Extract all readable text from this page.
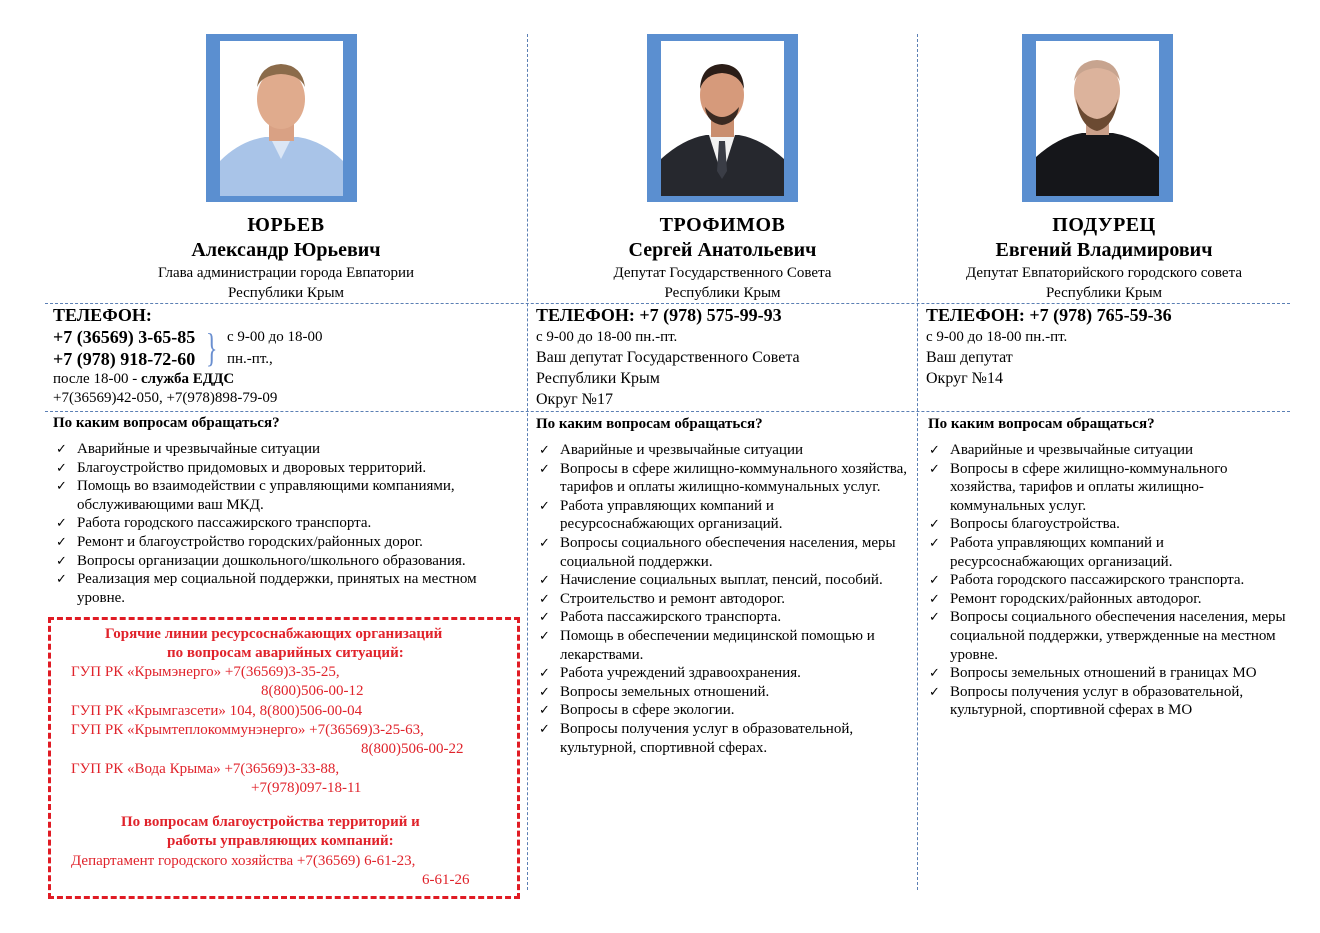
ЮРЬЕВ
Александр Юрьевич
Глава администрации города Евпатории
Республики Крым
ТЕЛЕФОН:
+7 (36569) 3-65-85
+7 (978) 918-72-60 } с 9-00 до 18-00
пн.-пт.,
после 18-00 - служба ЕДДС
+7(36569)42-050, +7(978)898-79-09
По каким вопросам обращаться?
✓ Аварийные и чрезвычайные ситуации
✓ Благоустройство придомовых и дворовых территорий.
✓ Помощь во взаимодействии с управляющими компаниями, обслуживающими ваш МКД.
✓ Работа городского пассажирского транспорта.
✓ Ремонт и благоустройство городских/районных дорог.
✓ Вопросы организации дошкольного/школьного образования.
✓ Реализация мер социальной поддержки, принятых на местном уровне.
Горячие линии ресурсоснабжающих организаций
по вопросам аварийных ситуаций:
ГУП РК «Крымэнерго» +7(36569)3-35-25,
8(800)506-00-12
ГУП РК «Крымгазсети» 104, 8(800)506-00-04
ГУП РК «Крымтеплокоммунэнерго» +7(36569)3-25-63,
8(800)506-00-22
ГУП РК «Вода Крыма» +7(36569)3-33-88,
+7(978)097-18-11
По вопросам благоустройства территорий и
работы управляющих компаний:
Департамент городского хозяйства +7(36569) 6-61-23,
6-61-26
ТРОФИМОВ
Сергей Анатольевич
Депутат Государственного Совета
Республики Крым
ТЕЛЕФОН: +7 (978) 575-99-93
с 9-00 до 18-00 пн.-пт.
Ваш депутат Государственного Совета
Республики Крым
Округ №17
По каким вопросам обращаться?
✓ Аварийные и чрезвычайные ситуации
✓ Вопросы в сфере жилищно-коммунального хозяйства, тарифов и оплаты жилищно-коммунальных услуг.
✓ Работа управляющих компаний и ресурсоснабжающих организаций.
✓ Вопросы социального обеспечения населения, меры социальной поддержки.
✓ Начисление социальных выплат, пенсий, пособий.
✓ Строительство и ремонт автодорог.
✓ Работа пассажирского транспорта.
✓ Помощь в обеспечении медицинской помощью и лекарствами.
✓ Работа учреждений здравоохранения.
✓ Вопросы земельных отношений.
✓ Вопросы в сфере экологии.
✓ Вопросы получения услуг в образовательной, культурной, спортивной сферах.
ПОДУРЕЦ
Евгений Владимирович
Депутат Евпаторийского городского совета
Республики Крым
ТЕЛЕФОН: +7 (978) 765-59-36
с 9-00 до 18-00 пн.-пт.
Ваш депутат
Округ №14
По каким вопросам обращаться?
✓ Аварийные и чрезвычайные ситуации
✓ Вопросы в сфере жилищно-коммунального хозяйства, тарифов и оплаты жилищно-коммунальных услуг.
✓ Вопросы благоустройства.
✓ Работа управляющих компаний и ресурсоснабжающих организаций.
✓ Работа городского пассажирского транспорта.
✓ Ремонт городских/районных автодорог.
✓ Вопросы социального обеспечения населения, меры социальной поддержки, утвержденные на местном уровне.
✓ Вопросы земельных отношений в границах МО
✓ Вопросы получения услуг в образовательной, культурной, спортивной сферах в МО
